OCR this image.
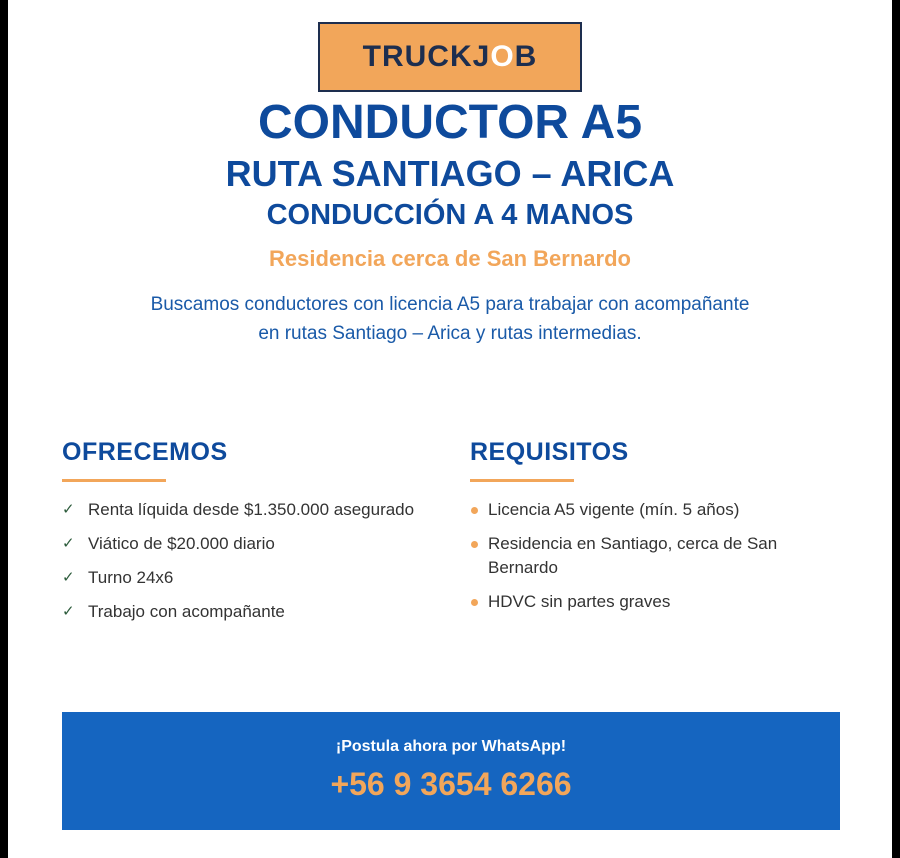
TRUCKJ O B
CONDUCTOR A5
RUTA SANTIAGO – ARICA
CONDUCCIÓN A 4 MANOS
Residencia cerca de San Bernardo
Buscamos conductores con licencia A5 para trabajar con acompañante
en rutas Santiago – Arica y rutas intermedias.
OFRECEMOS
✓ Renta líquida desde $1.350.000 asegurado
✓ Viático de $20.000 diario
✓ Turno 24x6
✓ Trabajo con acompañante
REQUISITOS
Licencia A5 vigente (mín. 5 años)
Residencia en Santiago, cerca de San Bernardo
HDVC sin partes graves
¡Postula ahora por WhatsApp!
+56 9 3654 6266
